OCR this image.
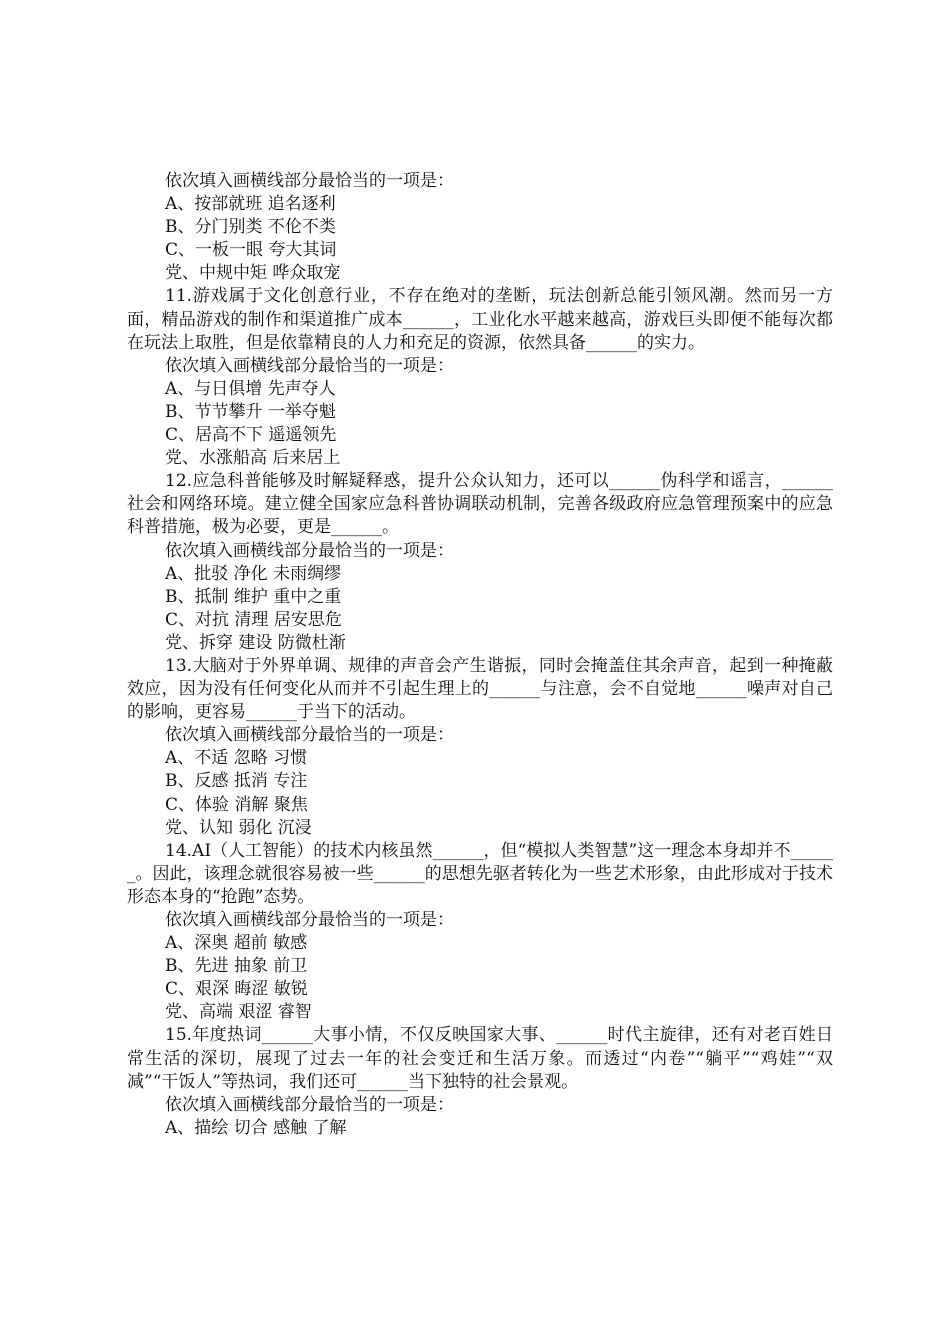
依次填入画横线部分最恰当的一项是：
A、按部就班 追名逐利
B、分门别类 不伦不类
C、一板一眼 夸大其词
党、中规中矩 哗众取宠

11.游戏属于文化创意行业，不存在绝对的垄断，玩法创新总能引领风潮。然而另一方面，精品游戏的制作和渠道推广成本______，工业化水平越来越高，游戏巨头即便不能每次都在玩法上取胜，但是依靠精良的人力和充足的资源，依然具备______的实力。

依次填入画横线部分最恰当的一项是：
A、与日俱增 先声夺人
B、节节攀升 一举夺魁
C、居高不下 遥遥领先
党、水涨船高 后来居上

12.应急科普能够及时解疑释惑，提升公众认知力，还可以______伪科学和谣言，______社会和网络环境。建立健全国家应急科普协调联动机制，完善各级政府应急管理预案中的应急科普措施，极为必要，更是______。

依次填入画横线部分最恰当的一项是：
A、批驳 净化 未雨绸缪
B、抵制 维护 重中之重
C、对抗 清理 居安思危
党、拆穿 建设 防微杜渐

13.大脑对于外界单调、规律的声音会产生谐振，同时会掩盖住其余声音，起到一种掩蔽效应，因为没有任何变化从而并不引起生理上的______与注意，会不自觉地______噪声对自己的影响，更容易______于当下的活动。

依次填入画横线部分最恰当的一项是：
A、不适 忽略 习惯
B、反感 抵消 专注
C、体验 消解 聚焦
党、认知 弱化 沉浸

14.AI（人工智能）的技术内核虽然______，但“模拟人类智慧”这一理念本身却并不______。因此，该理念就很容易被一些______的思想先驱者转化为一些艺术形象，由此形成对于技术形态本身的“抢跑”态势。

依次填入画横线部分最恰当的一项是：
A、深奥 超前 敏感
B、先进 抽象 前卫
C、艰深 晦涩 敏锐
党、高端 艰涩 睿智

15.年度热词______大事小情，不仅反映国家大事、______时代主旋律，还有对老百姓日常生活的深切，展现了过去一年的社会变迁和生活万象。而透过“内卷”“躺平”“鸡娃”“双减”“干饭人”等热词，我们还可______当下独特的社会景观。

依次填入画横线部分最恰当的一项是：
A、描绘 切合 感触 了解
